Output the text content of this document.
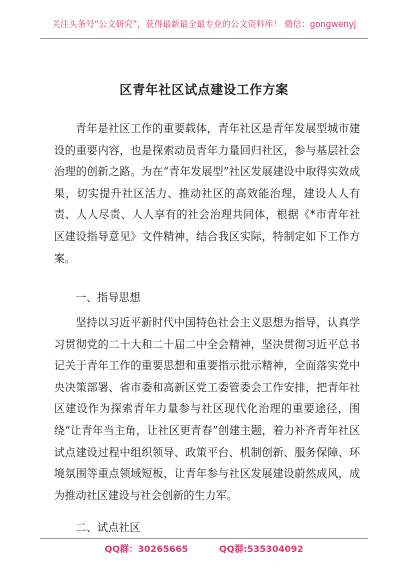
关注头条号“公文研究”，获得最新最全最专业的公文资料库！ 微信：gongwenyj
区青年社区试点建设工作方案

青年是社区工作的重要载体，青年社区是青年发展型城市建设的重要内容，也是探索动员青年力量回归社区，参与基层社会治理的创新之路。为在“青年发展型”社区发展建设中取得实效成果，切实提升社区活力、推动社区的高效能治理，建设人人有责、人人尽责、人人享有的社会治理共同体，根据《*市青年社区建设指导意见》文件精神，结合我区实际，特制定如下工作方案。

一、指导思想

坚持以习近平新时代中国特色社会主义思想为指导，认真学习贯彻党的二十大和二十届二中全会精神，坚决贯彻习近平总书记关于青年工作的重要思想和重要指示批示精神，全面落实党中央决策部署、省市委和高新区党工委管委会工作安排，把青年社区建设作为探索青年力量参与社区现代化治理的重要途径，围绕“让青年当主角，让社区更青春”创建主题，着力补齐青年社区试点建设过程中组织领导、政策平台、机制创新、服务保障、环境氛围等重点领域短板，让青年参与社区发展建设蔚然成风，成为推动社区建设与社会创新的生力军。

二、试点社区

QQ群：30265665	QQ群:535304092
